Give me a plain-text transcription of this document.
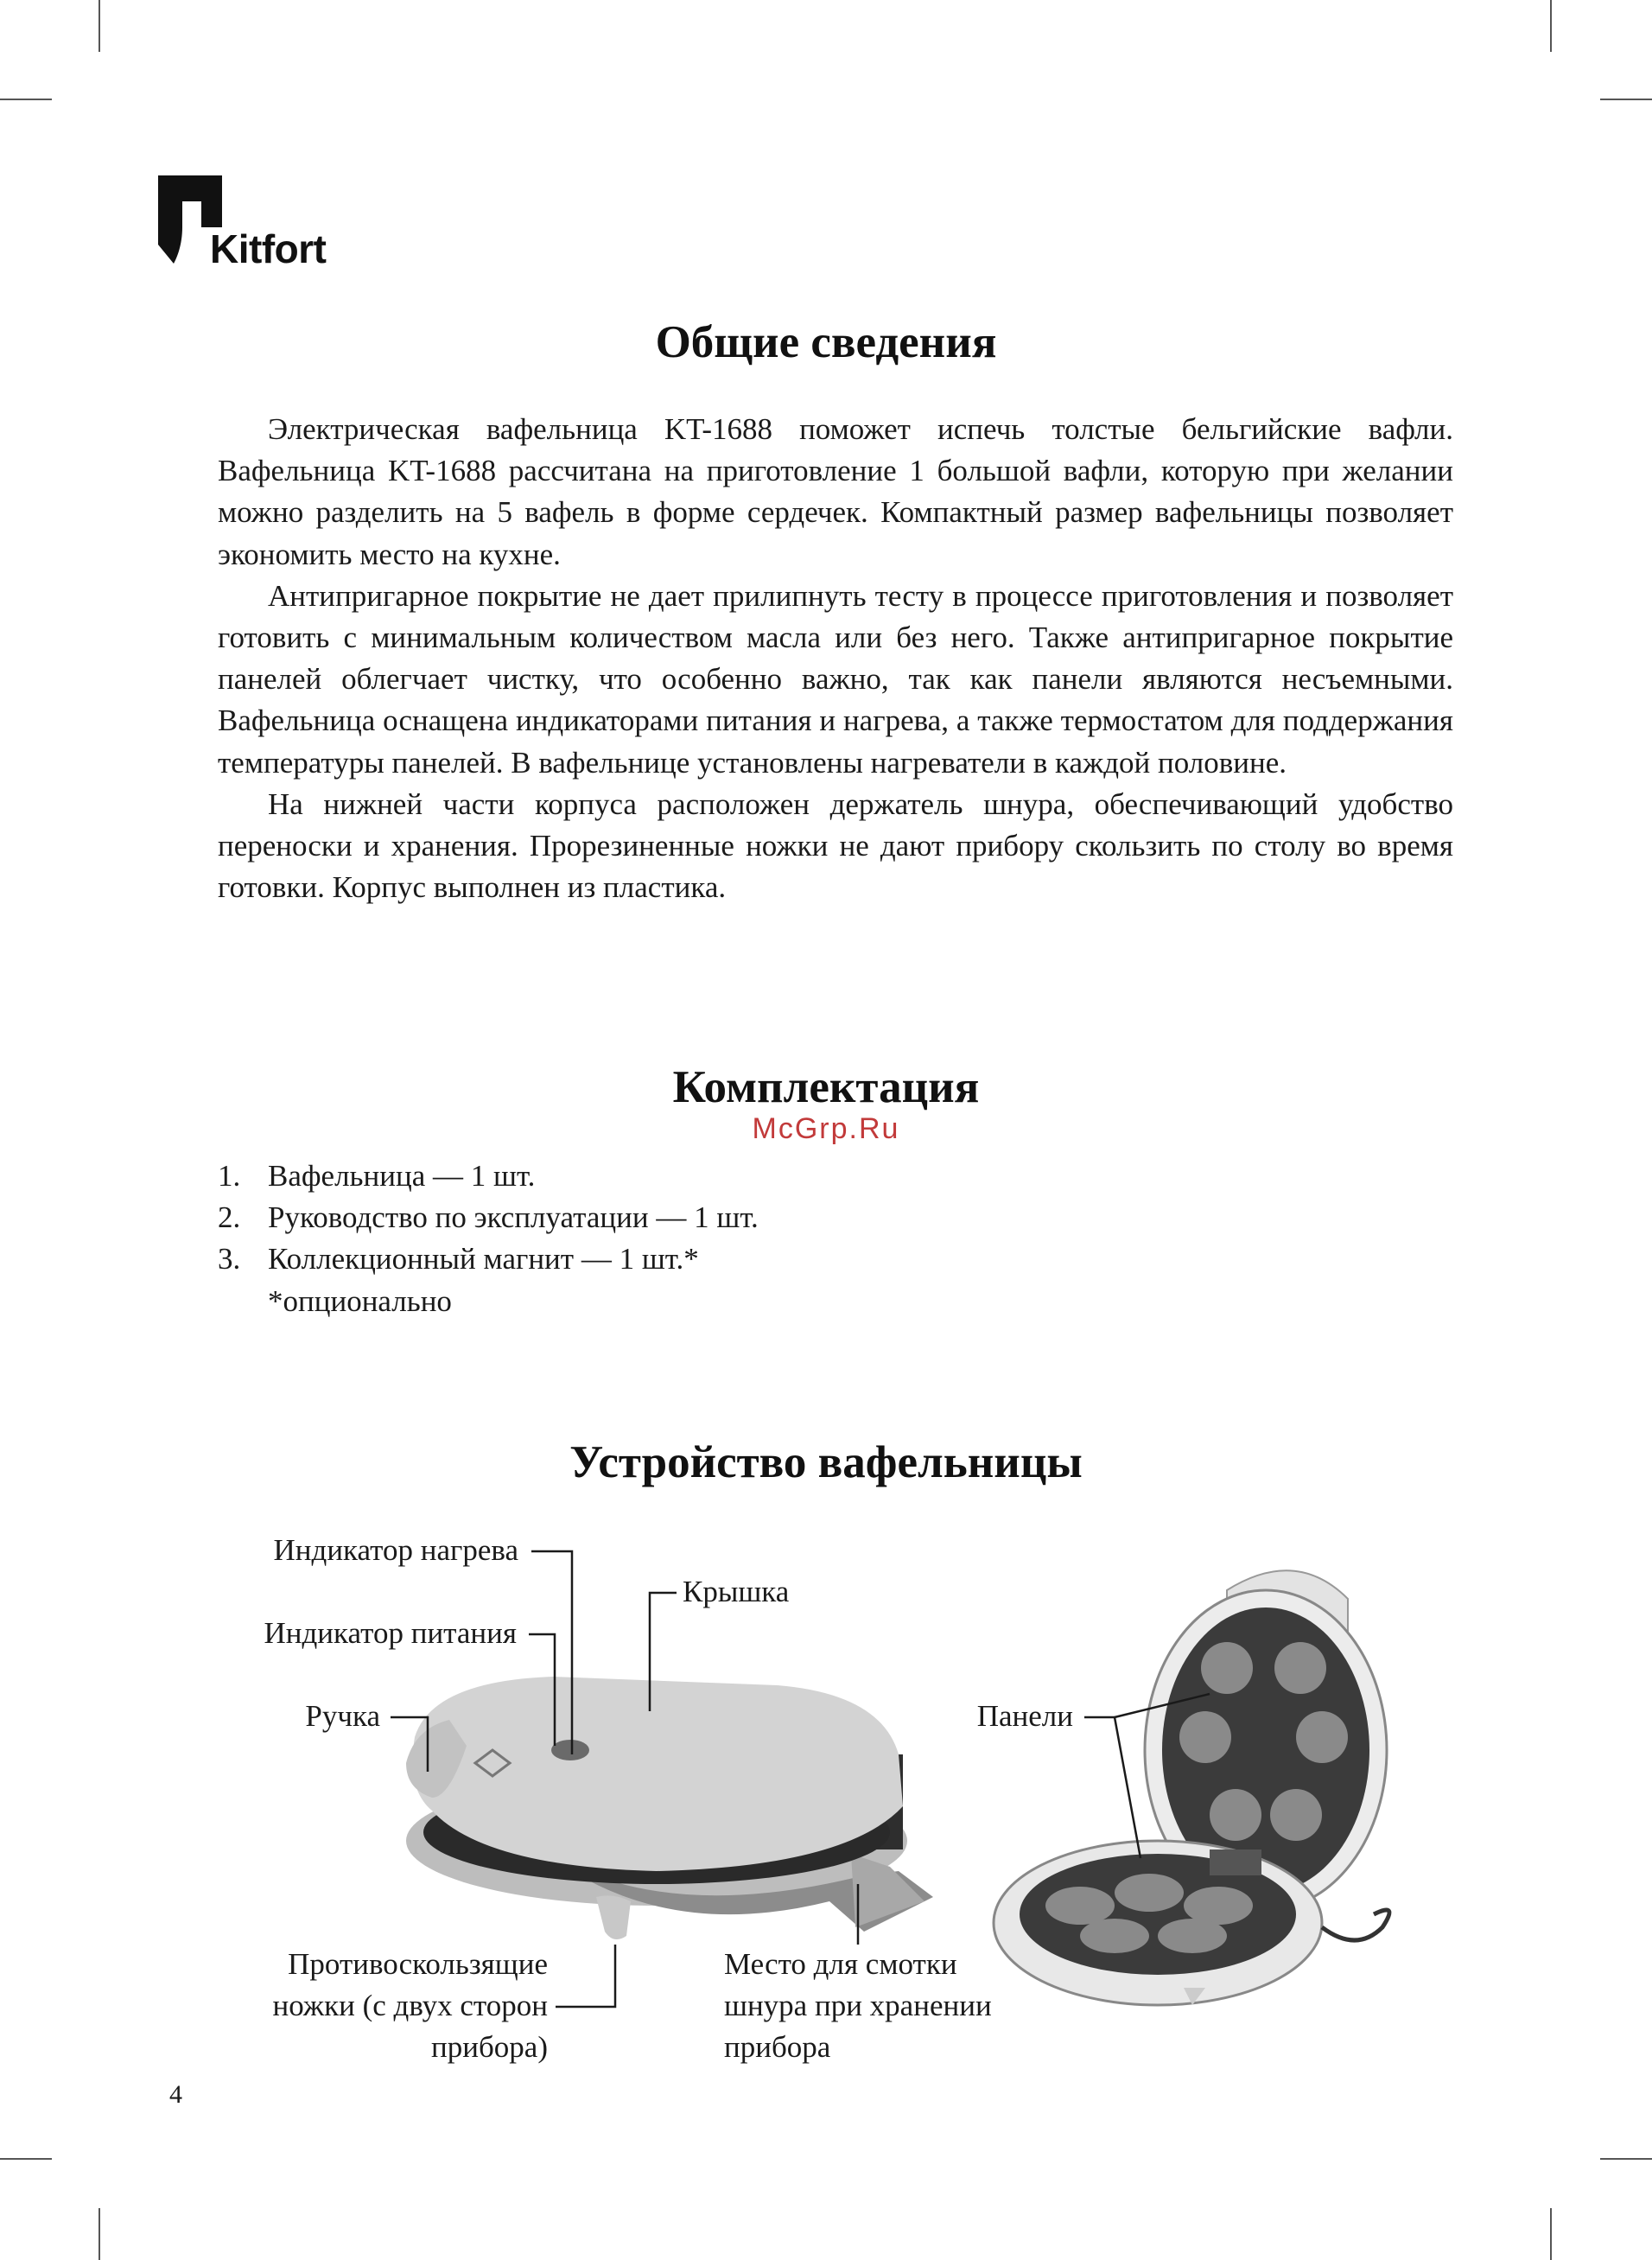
Kitfort
Общие сведения

Электрическая вафельница KT-1688 поможет испечь толстые бельгийские вафли. Вафельница KT-1688 рассчитана на приготовление 1 большой вафли, которую при желании можно разделить на 5 вафель в форме сердечек. Компактный размер вафельницы позволяет экономить место на кухне.

Антипригарное покрытие не дает прилипнуть тесту в процессе приготовления и позволяет готовить с минимальным количеством масла или без него. Также антипригарное покрытие панелей облегчает чистку, что особенно важно, так как панели являются несъемными. Вафельница оснащена индикаторами питания и нагрева, а также термостатом для поддержания температуры панелей. В вафельнице установлены нагреватели в каждой половине.

На нижней части корпуса расположен держатель шнура, обеспечивающий удобство переноски и хранения. Прорезиненные ножки не дают прибору скользить по столу во время готовки. Корпус выполнен из пластика.

Комплектация
McGrp.Ru
1. Вафельница — 1 шт.
2. Руководство по эксплуатации — 1 шт.
3. Коллекционный магнит — 1 шт.*
*опционально
Устройство вафельницы
Индикатор нагрева
Индикатор питания
Ручка
Крышка
Панели
Противоскользящие
ножки (с двух сторон
прибора)
Место для смотки
шнура при хранении
прибора
4
